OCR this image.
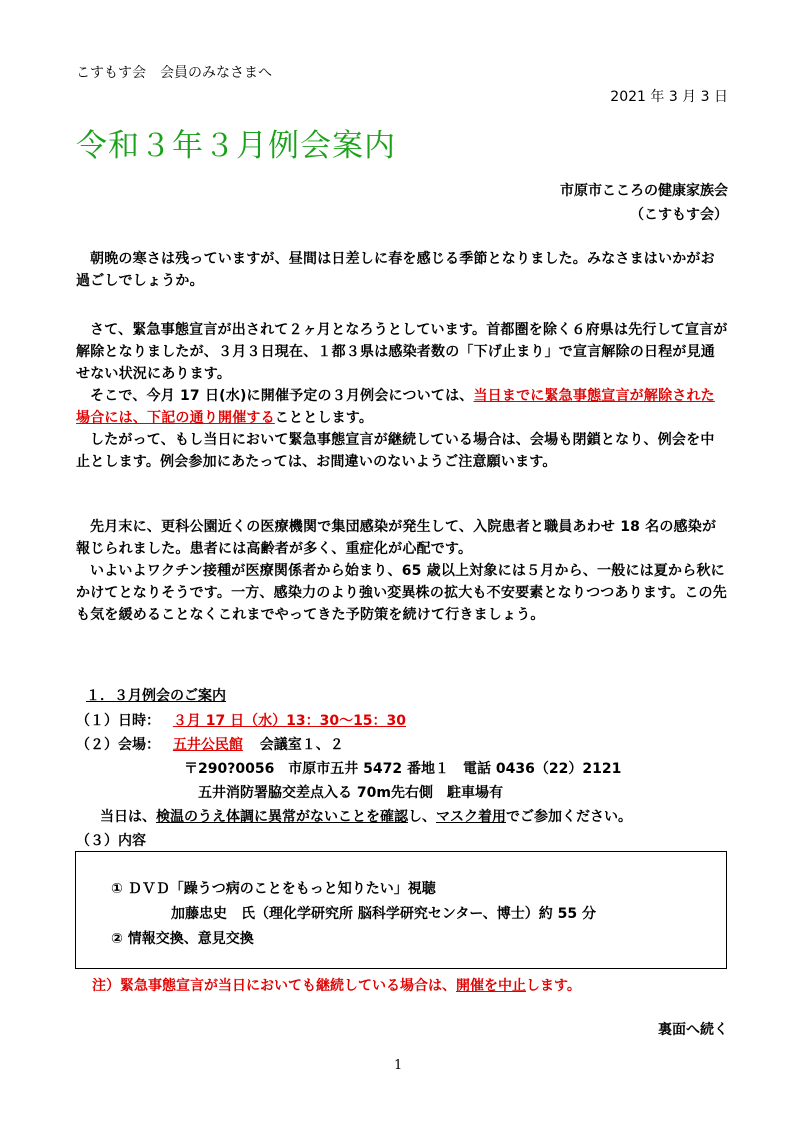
こすもす会　会員のみなさまへ
2021 年 3 月 3 日
令和３年３月例会案内
市原市こころの健康家族会
（こすもす会）

朝晩の寒さは残っていますが、昼間は日差しに春を感じる季節となりました。みなさまはいかがお過ごしでしょうか。

さて、緊急事態宣言が出されて２ヶ月となろうとしています。首都圏を除く６府県は先行して宣言が解除となりましたが、３月３日現在、１都３県は感染者数の「下げ止まり」で宣言解除の日程が見通せない状況にあります。

そこで、今月 17 日(水)に開催予定の３月例会については、当日までに緊急事態宣言が解除された場合には、下記の通り開催することとします。

したがって、もし当日において緊急事態宣言が継続している場合は、会場も閉鎖となり、例会を中止とします。例会参加にあたっては、お間違いのないようご注意願います。

先月末に、更科公園近くの医療機関で集団感染が発生して、入院患者と職員あわせ 18 名の感染が報じられました。患者には高齢者が多く、重症化が心配です。

いよいよワクチン接種が医療関係者から始まり、65 歳以上対象には５月から、一般には夏から秋にかけてとなりそうです。一方、感染力のより強い変異株の拡大も不安要素となりつつあります。この先も気を緩めることなくこれまでやってきた予防策を続けて行きましょう。

１．３月例会のご案内
（１）日時： ３月 17 日（水）13：30〜15：30
（２）会場： 五井公民館 会議室１、２
〒290?0056　市原市五井 5472 番地１　電話 0436（22）2121
五井消防署脇交差点入る 70m先右側　駐車場有
当日は、検温のうえ体調に異常がないことを確認し、マスク着用でご参加ください。
（３）内容
① ＤＶＤ「躁うつ病のことをもっと知りたい」視聴
加藤忠史　氏（理化学研究所 脳科学研究センター、博士）約 55 分
② 情報交換、意見交換
注）緊急事態宣言が当日においても継続している場合は、開催を中止します。
裏面へ続く
1
